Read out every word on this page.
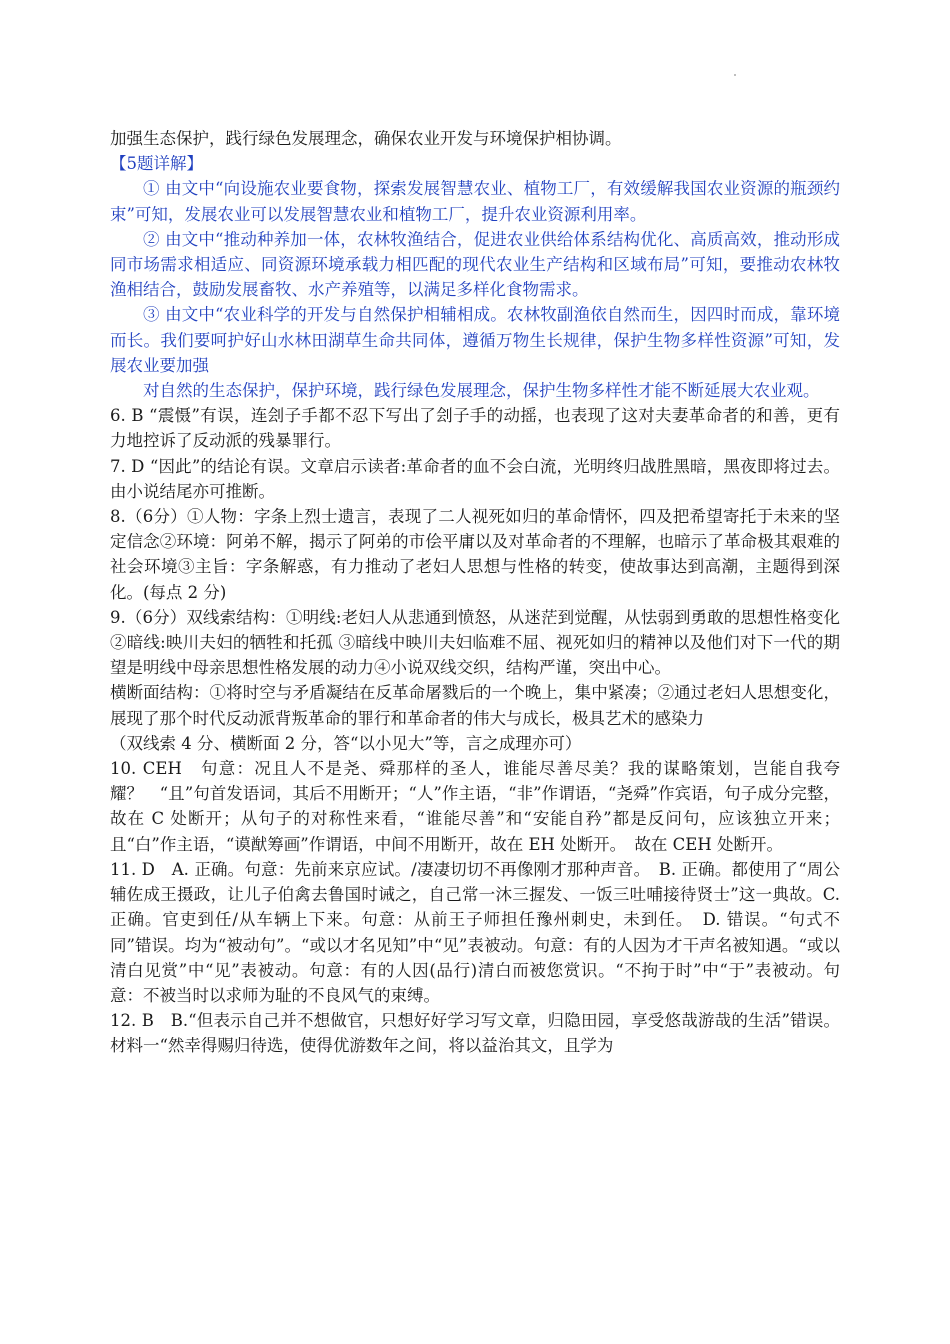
加强生态保护，践行绿色发展理念，确保农业开发与环境保护相协调。

【5题详解】

① 由文中“向设施农业要食物，探索发展智慧农业、植物工厂，有效缓解我国农业资源的瓶颈约束”可知，发展农业可以发展智慧农业和植物工厂，提升农业资源利用率。

② 由文中“推动种养加一体，农林牧渔结合，促进农业供给体系结构优化、高质高效，推动形成同市场需求相适应、同资源环境承载力相匹配的现代农业生产结构和区域布局”可知，要推动农林牧渔相结合，鼓励发展畜牧、水产养殖等，以满足多样化食物需求。

③ 由文中“农业科学的开发与自然保护相辅相成。农林牧副渔依自然而生，因四时而成，靠环境而长。我们要呵护好山水林田湖草生命共同体，遵循万物生长规律，保护生物多样性资源”可知，发展农业要加强

对自然的生态保护，保护环境，践行绿色发展理念，保护生物多样性才能不断延展大农业观。

6. B “震慑”有误，连刽子手都不忍下写出了刽子手的动摇，也表现了这对夫妻革命者的和善，更有力地控诉了反动派的残暴罪行。

7. D “因此”的结论有误。文章启示读者:革命者的血不会白流，光明终归战胜黑暗，黑夜即将过去。由小说结尾亦可推断。

8.（6分）①人物：字条上烈士遗言，表现了二人视死如归的革命情怀，四及把希望寄托于未来的坚定信念②环境：阿弟不解，揭示了阿弟的市侩平庸以及对革命者的不理解，也暗示了革命极其艰难的社会环境③主旨：字条解惑，有力推动了老妇人思想与性格的转变，使故事达到高潮，主题得到深化。(每点 2 分)

9.（6分）双线索结构：①明线:老妇人从悲通到愤怒，从迷茫到觉醒，从怯弱到勇敢的思想性格变化②暗线:映川夫妇的牺牲和托孤 ③暗线中映川夫妇临难不屈、视死如归的精神以及他们对下一代的期望是明线中母亲思想性格发展的动力④小说双线交织，结构严谨，突出中心。

横断面结构：①将时空与矛盾凝结在反革命屠戮后的一个晚上，集中紧凑；②通过老妇人思想变化，展现了那个时代反动派背叛革命的罪行和革命者的伟大与成长，极具艺术的感染力

（双线索 4 分、横断面 2 分，答“以小见大”等，言之成理亦可）

10. CEH　句意：况且人不是尧、舜那样的圣人，谁能尽善尽美？我的谋略策划，岂能自我夸耀？　“且”句首发语词，其后不用断开；“人”作主语，“非”作谓语，“尧舜”作宾语，句子成分完整，故在 C 处断开；从句子的对称性来看，“谁能尽善”和“安能自矜”都是反问句，应该独立开来；且“白”作主语，“谟猷筹画”作谓语，中间不用断开，故在 EH 处断开。　故在 CEH 处断开。

11. D　A. 正确。句意：先前来京应试。/凄凄切切不再像刚才那种声音。　B. 正确。都使用了“周公辅佐成王摄政，让儿子伯禽去鲁国时诫之，自己常一沐三握发、一饭三吐哺接待贤士”这一典故。C. 正确。官吏到任/从车辆上下来。句意：从前王子师担任豫州刺史，未到任。　D. 错误。“句式不同”错误。均为“被动句”。“或以才名见知”中“见”表被动。句意：有的人因为才干声名被知遇。“或以清白见赏”中“见”表被动。句意：有的人因(品行)清白而被您赏识。“不拘于时”中“于”表被动。句意：不被当时以求师为耻的不良风气的束缚。

12. B　B.“但表示自己并不想做官，只想好好学习写文章，归隐田园，享受悠哉游哉的生活”错误。材料一“然幸得赐归待选，使得优游数年之间，将以益治其文，且学为
